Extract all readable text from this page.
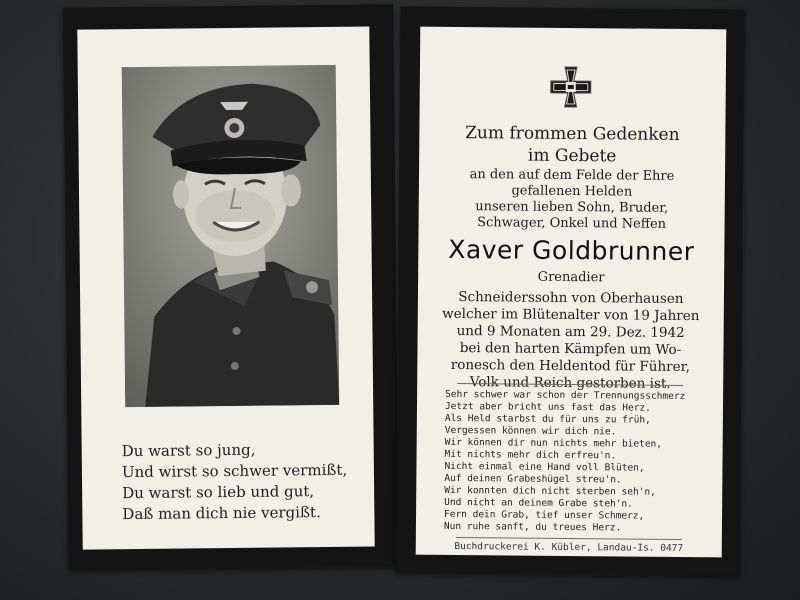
Du warst so jung,
Und wirst so schwer vermißt,
Du warst so lieb und gut,
Daß man dich nie vergißt.
Zum frommen Gedenken
im Gebete
an den auf dem Felde der Ehre
gefallenen Helden
unseren lieben Sohn, Bruder,
Schwager, Onkel und Neffen
Xaver Goldbrunner
Grenadier
Schneiderssohn von Oberhausen
welcher im Blütenalter von 19 Jahren
und 9 Monaten am 29. Dez. 1942
bei den harten Kämpfen um Wo-
ronesch den Heldentod für Führer,
Volk und Reich gestorben ist.
Sehr schwer war schon der Trennungsschmerz
Jetzt aber bricht uns fast das Herz.
Als Held starbst du für uns zu früh,
Vergessen können wir dich nie.
Wir können dir nun nichts mehr bieten,
Mit nichts mehr dich erfreu'n.
Nicht einmal eine Hand voll Blüten,
Auf deinen Grabeshügel streu'n.
Wir konnten dich nicht sterben seh'n,
Und nicht an deinem Grabe steh'n.
Fern dein Grab, tief unser Schmerz,
Nun ruhe sanft, du treues Herz.
Buchdruckerei K. Kübler, Landau-Is. 0477
